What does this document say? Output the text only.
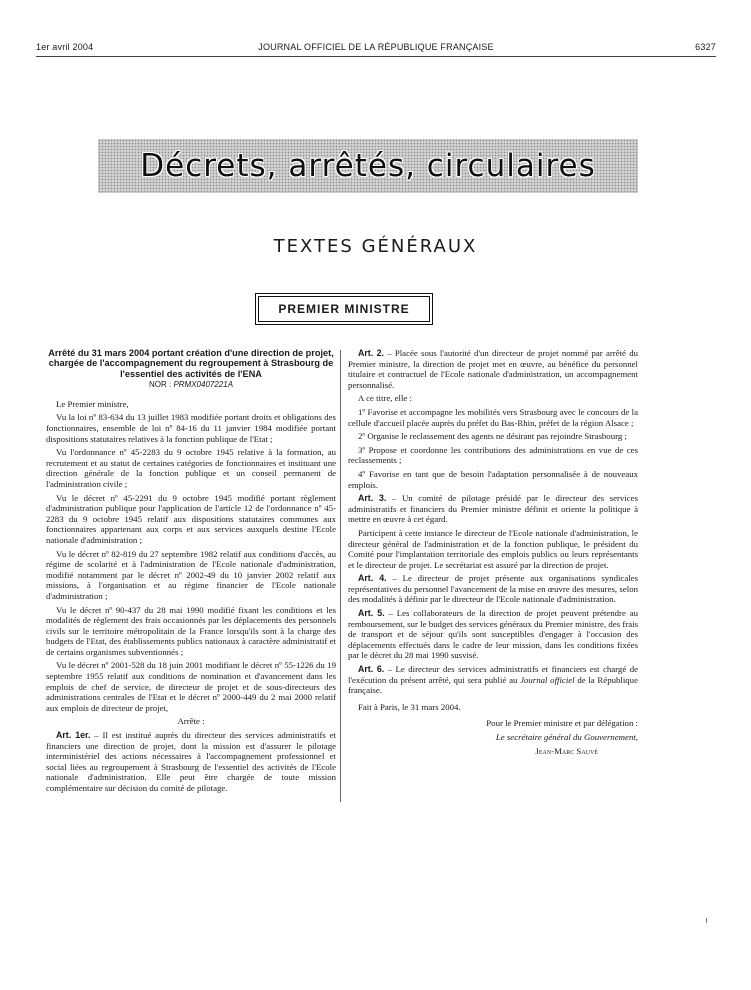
1er avril 2004	JOURNAL OFFICIEL DE LA RÉPUBLIQUE FRANÇAISE	6327
Décrets, arrêtés, circulaires
TEXTES GÉNÉRAUX
PREMIER MINISTRE
Arrêté du 31 mars 2004 portant création d'une direction de projet, chargée de l'accompagnement du regroupement à Strasbourg de l'essentiel des activités de l'ENA
NOR : PRMX0407221A

Le Premier ministre,

Vu la loi nº 83-634 du 13 juillet 1983 modifiée portant droits et obligations des fonctionnaires, ensemble de loi nº 84-16 du 11 janvier 1984 modifiée portant dispositions statutaires relatives à la fonction publique de l'Etat ;

Vu l'ordonnance nº 45-2283 du 9 octobre 1945 relative à la formation, au recrutement et au statut de certaines catégories de fonctionnaires et instituant une direction générale de la fonction publique et un conseil permanent de l'administration civile ;

Vu le décret nº 45-2291 du 9 octobre 1945 modifié portant règlement d'administration publique pour l'application de l'article 12 de l'ordonnance nº 45-2283 du 9 octobre 1945 relatif aux dispositions statutaires communes aux fonctionnaires appartenant aux corps et aux services auxquels destine l'Ecole nationale d'administration ;

Vu le décret nº 82-819 du 27 septembre 1982 relatif aux conditions d'accès, au régime de scolarité et à l'administration de l'Ecole nationale d'administration, modifié notamment par le décret nº 2002-49 du 10 janvier 2002 relatif aux missions, à l'organisation et au régime financier de l'Ecole nationale d'administration ;

Vu le décret nº 90-437 du 28 mai 1990 modifié fixant les conditions et les modalités de règlement des frais occasionnés par les déplacements des personnels civils sur le territoire métropolitain de la France lorsqu'ils sont à la charge des budgets de l'Etat, des établissements publics nationaux à caractère administratif et de certains organismes subventionnés ;

Vu le décret nº 2001-528 du 18 juin 2001 modifiant le décret nº 55-1226 du 19 septembre 1955 relatif aux conditions de nomination et d'avancement dans les emplois de chef de service, de directeur de projet et de sous-directeurs des administrations centrales de l'Etat et le décret nº 2000-449 du 2 mai 2000 relatif aux emplois de directeur de projet,

Arrête :

Art. 1er. – Il est institué auprès du directeur des services administratifs et financiers une direction de projet, dont la mission est d'assurer le pilotage interministériel des actions nécessaires à l'accompagnement professionnel et social liées au regroupement à Strasbourg de l'essentiel des activités de l'Ecole nationale d'administration. Elle peut être chargée de toute mission complémentaire sur décision du comité de pilotage.

Art. 2. – Placée sous l'autorité d'un directeur de projet nommé par arrêté du Premier ministre, la direction de projet met en œuvre, au bénéfice du personnel titulaire et contractuel de l'Ecole nationale d'administration, un accompagnement personnalisé.

A ce titre, elle :

1º Favorise et accompagne les mobilités vers Strasbourg avec le concours de la cellule d'accueil placée auprès du préfet du Bas-Rhin, préfet de la région Alsace ;

2º Organise le reclassement des agents ne désirant pas rejoindre Strasbourg ;

3º Propose et coordonne les contributions des administrations en vue de ces reclassements ;

4º Favorise en tant que de besoin l'adaptation personnalisée à de nouveaux emplois.

Art. 3. – Un comité de pilotage présidé par le directeur des services administratifs et financiers du Premier ministre définit et oriente la politique à mettre en œuvre à cet égard.

Participent à cette instance le directeur de l'Ecole nationale d'administration, le directeur général de l'administration et de la fonction publique, le président du Comité pour l'implantation territoriale des emplois publics ou leurs représentants et le directeur de projet. Le secrétariat est assuré par la direction de projet.

Art. 4. – Le directeur de projet présente aux organisations syndicales représentatives du personnel l'avancement de la mise en œuvre des mesures, selon des modalités à définir par le directeur de l'Ecole nationale d'administration.

Art. 5. – Les collaborateurs de la direction de projet peuvent prétendre au remboursement, sur le budget des services généraux du Premier ministre, des frais de transport et de séjour qu'ils sont susceptibles d'engager à l'occasion des déplacements effectués dans le cadre de leur mission, dans les conditions fixées par le décret du 28 mai 1990 susvisé.

Art. 6. – Le directeur des services administratifs et financiers est chargé de l'exécution du présent arrêté, qui sera publié au Journal officiel de la République française.

Fait à Paris, le 31 mars 2004.

Pour le Premier ministre et par délégation :

Le secrétaire général du Gouvernement,

Jean-Marc Sauvé
